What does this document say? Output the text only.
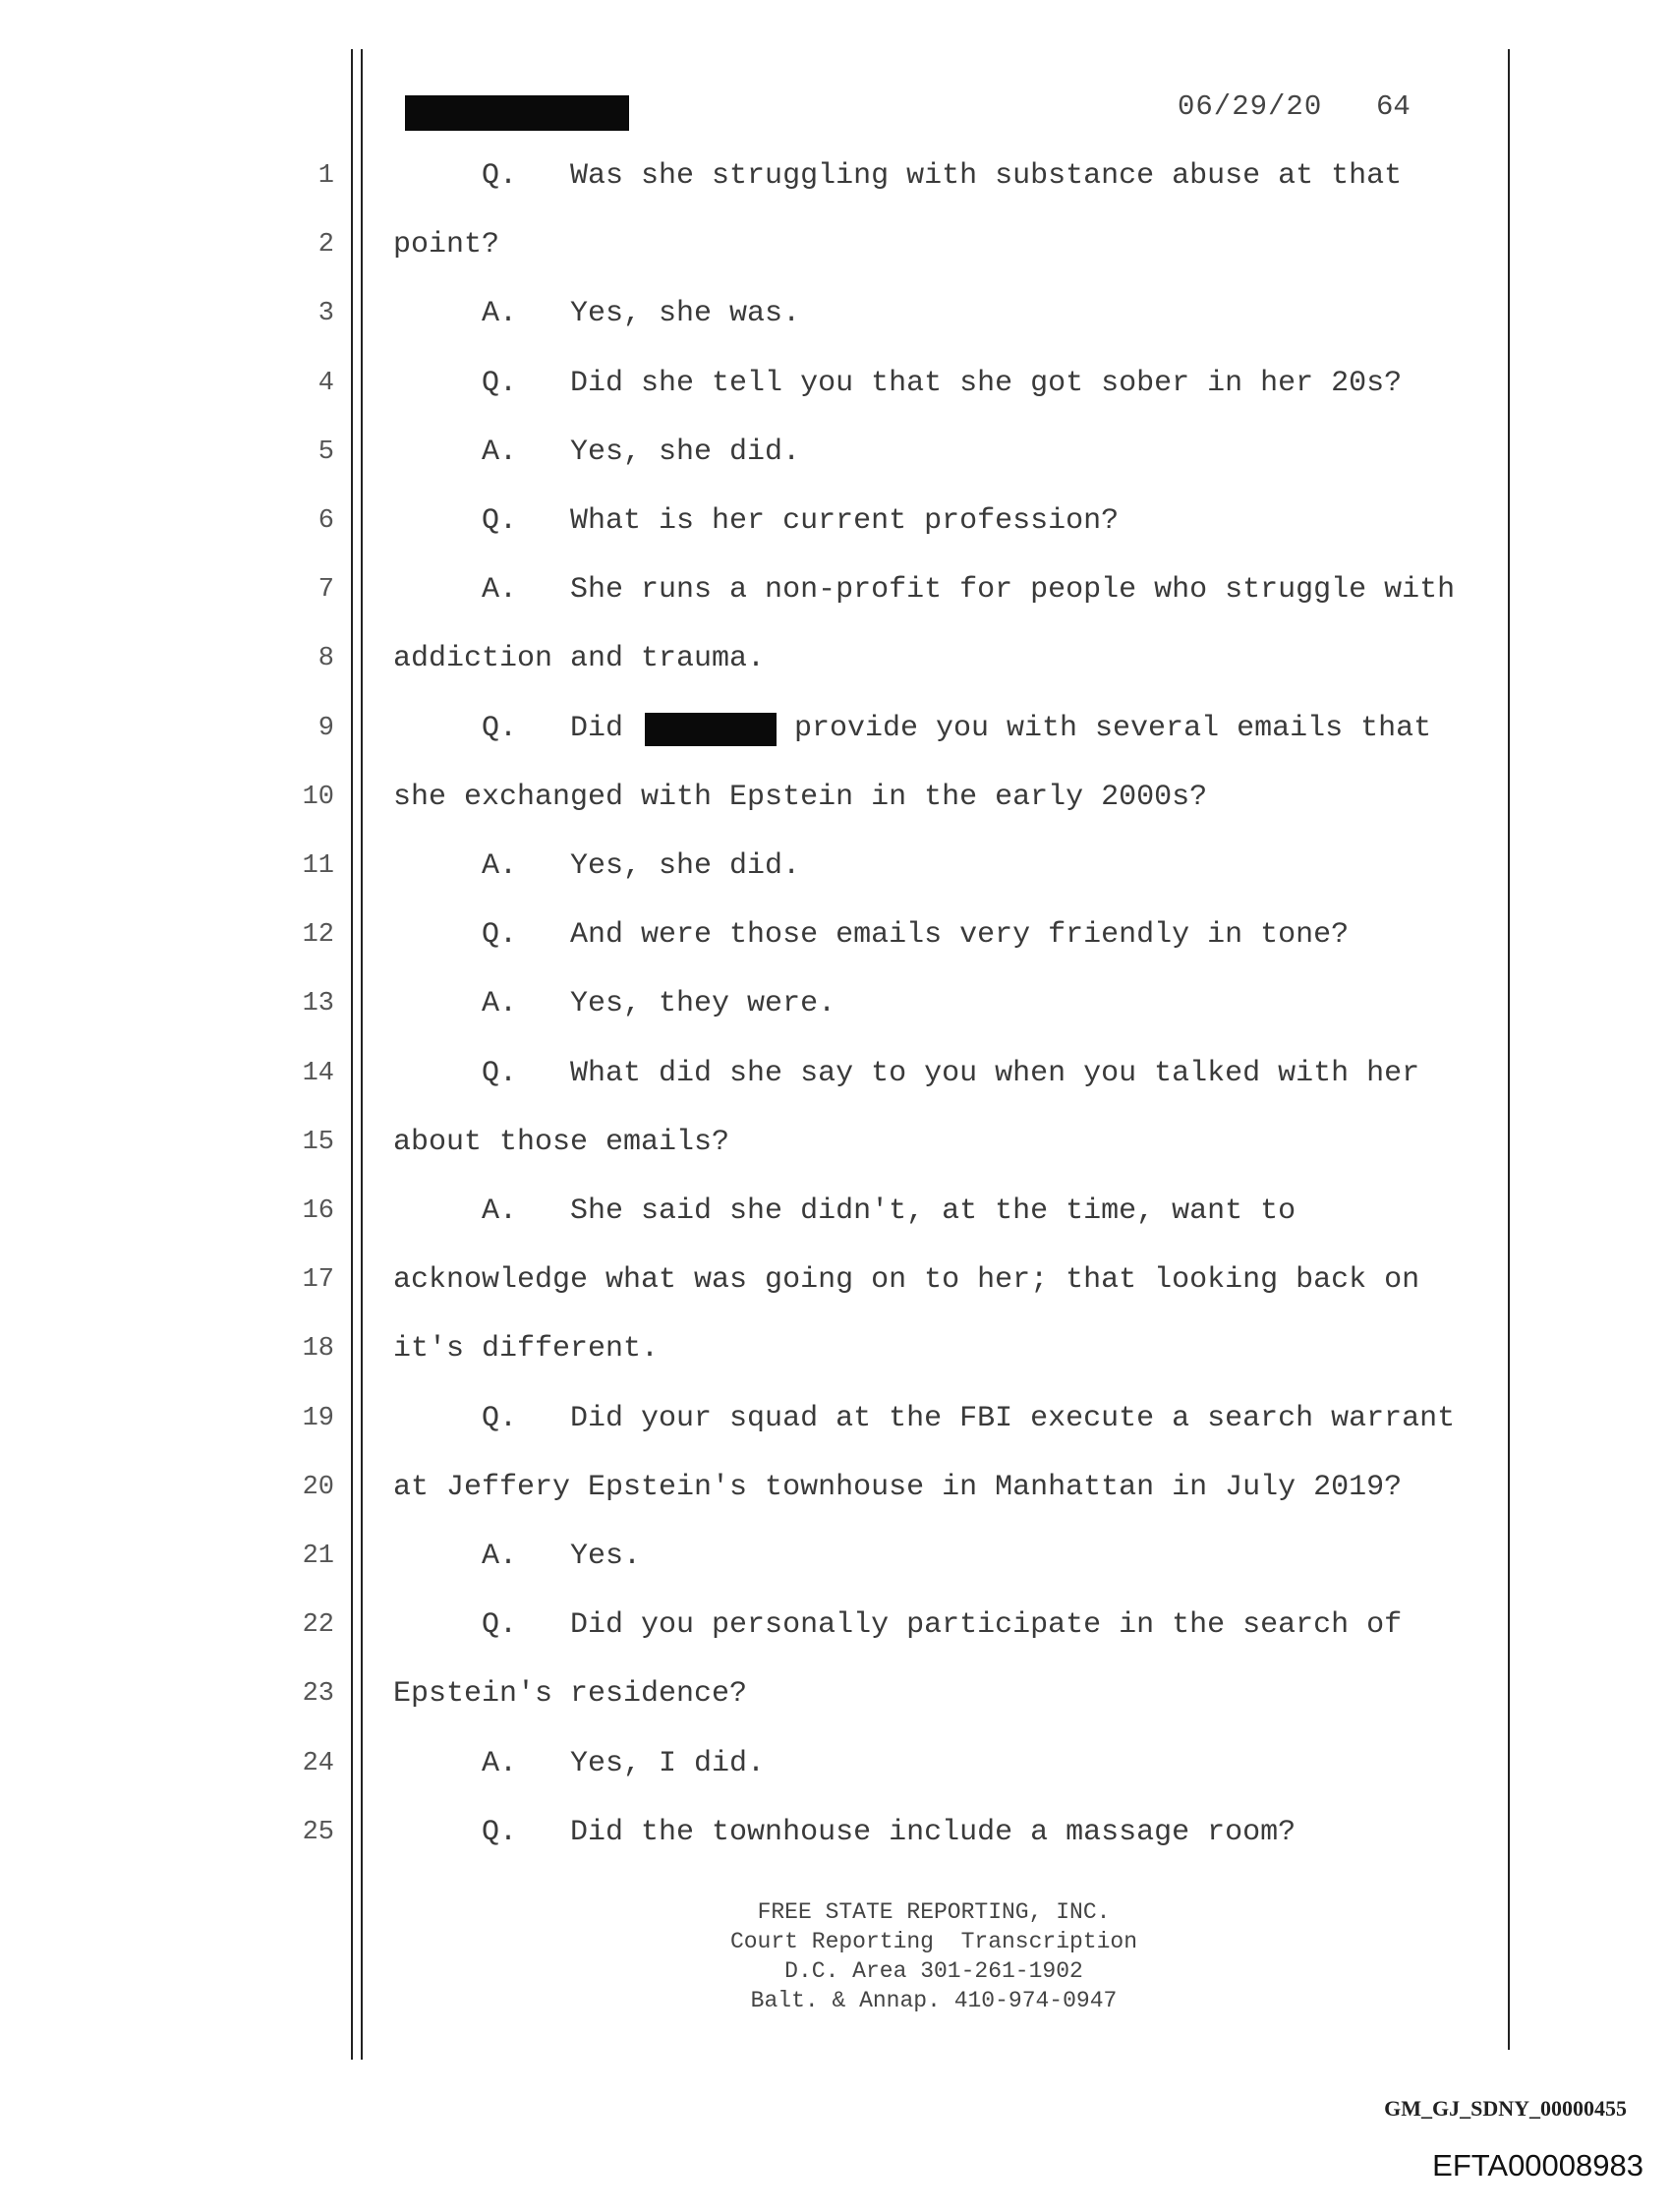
06/29/20 64
1 Q.   Was she struggling with substance abuse at that
2 point?
3 A.   Yes, she was.
4 Q.   Did she tell you that she got sober in her 20s?
5 A.   Yes, she did.
6 Q.   What is her current profession?
7 A.   She runs a non-profit for people who struggle with
8 addiction and trauma.
9 Q.   Did	provide you with several emails that
10 she exchanged with Epstein in the early 2000s?
11 A.   Yes, she did.
12 Q.   And were those emails very friendly in tone?
13 A.   Yes, they were.
14 Q.   What did she say to you when you talked with her
15 about those emails?
16 A.   She said she didn't, at the time, want to
17 acknowledge what was going on to her; that looking back on
18 it's different.
19 Q.   Did your squad at the FBI execute a search warrant
20 at Jeffery Epstein's townhouse in Manhattan in July 2019?
21 A.   Yes.
22 Q.   Did you personally participate in the search of
23 Epstein's residence?
24 A.   Yes, I did.
25 Q.   Did the townhouse include a massage room?
FREE STATE REPORTING, INC.
Court Reporting  Transcription
D.C. Area 301-261-1902
Balt. & Annap. 410-974-0947
GM_GJ_SDNY_00000455
EFTA00008983
